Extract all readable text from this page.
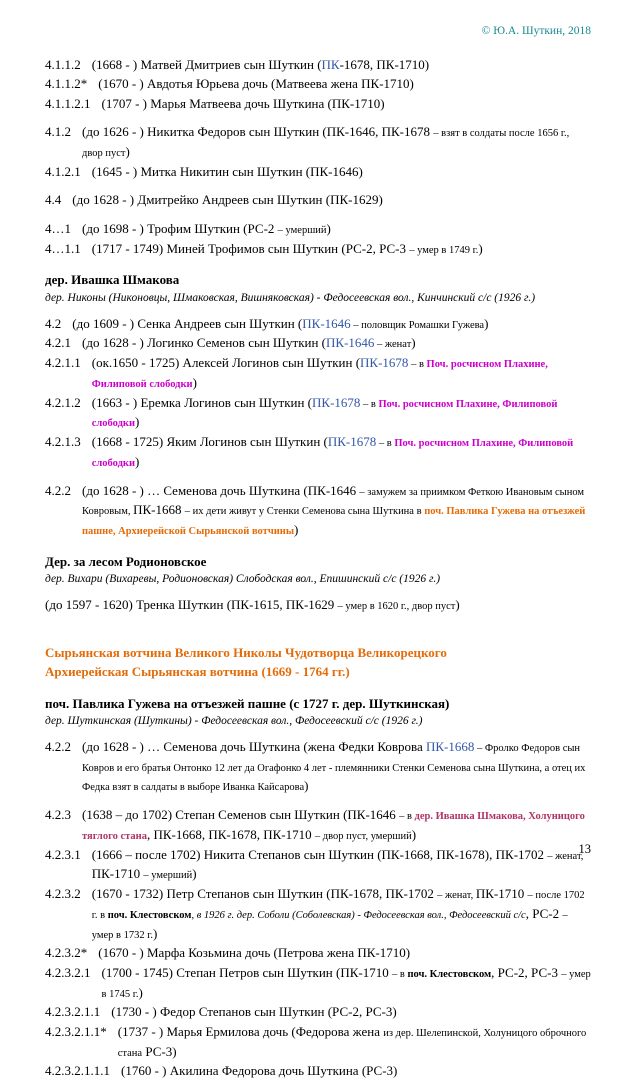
© Ю.А. Шуткин, 2018

4.1.1.2 (1668 - ) Матвей Дмитриев сын Шуткин (ПК-1678, ПК-1710)
4.1.1.2* (1670 - ) Авдотья Юрьева дочь (Матвеева жена ПК-1710)
4.1.1.2.1 (1707 - ) Марья Матвеева дочь Шуткина (ПК-1710)
4.1.2 (до 1626 - ) Никитка Федоров сын Шуткин (ПК-1646, ПК-1678 – взят в солдаты после 1656 г., двор пуст)
4.1.2.1 (1645 - ) Митка Никитин сын Шуткин (ПК-1646)
4.4 (до 1628 - ) Дмитрейко Андреев сын Шуткин (ПК-1629)
4…1 (до 1698 - ) Трофим Шуткин (РС-2 – умерший)
4…1.1 (1717 - 1749) Миней Трофимов сын Шуткин (РС-2, РС-3 – умер в 1749 г.)

дер. Ивашка Шмакова

дер. Никоны (Никоновцы, Шмаковская, Вишняковская) - Федосеевская вол., Кинчинский с/с (1926 г.)

4.2 (до 1609 - ) Сенка Андреев сын Шуткин (ПК-1646 – половщик Ромашки Гужева)
4.2.1 (до 1628 - ) Логинко Семенов сын Шуткин (ПК-1646 – женат)
4.2.1.1 (ок.1650 - 1725) Алексей Логинов сын Шуткин (ПК-1678 – в Поч. росчисном Плахине, Филиповой слободки)
4.2.1.2 (1663 - ) Еремка Логинов сын Шуткин (ПК-1678 – в Поч. росчисном Плахине, Филиповой слободки)
4.2.1.3 (1668 - 1725) Яким Логинов сын Шуткин (ПК-1678 – в Поч. росчисном Плахине, Филиповой слободки)
4.2.2 (до 1628 - ) … Семенова дочь Шуткина (ПК-1646 – замужем за приимком Феткою Ивановым сыном Ковровым, ПК-1668 – их дети живут у Стенки Семенова сына Шуткина в поч. Павлика Гужева на отъезжей пашне, Архиерейской Сырьянской вотчины)

Дер. за лесом Родионовское

дер. Вихари (Вихаревы, Родионовская) Слободская вол., Епишинский с/с (1926 г.)

(до 1597 - 1620) Тренка Шуткин (ПК-1615, ПК-1629 – умер в 1620 г., двор пуст)

Сырьянская вотчина Великого Николы Чудотворца Великорецкого

Архиерейская Сырьянская вотчина (1669 - 1764 гг.)

поч. Павлика Гужева на отъезжей пашне (с 1727 г. дер. Шуткинская)

дер. Шуткинская (Шуткины) - Федосеевская вол., Федосеевский с/с (1926 г.)

4.2.2 (до 1628 - ) … Семенова дочь Шуткина (жена Федки Коврова ПК-1668 – Фролко Федоров сын Ковров и его братья Онтонко 12 лет да Огафонко 4 лет - племянники Стенки Семенова сына Шуткина, а отец их Федка взят в салдаты в выборе Иванка Кайсарова)
4.2.3 (1638 – до 1702) Степан Семенов сын Шуткин (ПК-1646 – в дер. Ивашка Шмакова, Холуницого тяглого стана, ПК-1668, ПК-1678, ПК-1710 – двор пуст, умерший)
4.2.3.1 (1666 – после 1702) Никита Степанов сын Шуткин (ПК-1668, ПК-1678), ПК-1702 – женат, ПК-1710 – умерший)
4.2.3.2 (1670 - 1732) Петр Степанов сын Шуткин (ПК-1678, ПК-1702 – женат, ПК-1710 – после 1702 г. в поч. Клестовском, в 1926 г. дер. Соболи (Соболевская) - Федосеевская вол., Федосеевский с/с, РС-2 – умер в 1732 г.)
4.2.3.2* (1670 - ) Марфа Козьмина дочь (Петрова жена ПК-1710)
4.2.3.2.1 (1700 - 1745) Степан Петров сын Шуткин (ПК-1710 – в поч. Клестовском, РС-2, РС-3 – умер в 1745 г.)
4.2.3.2.1.1 (1730 - ) Федор Степанов сын Шуткин (РС-2, РС-3)
4.2.3.2.1.1* (1737 - ) Марья Ермилова дочь (Федорова жена из дер. Шелепинской, Холуницого оброчного стана РС-3)
4.2.3.2.1.1.1 (1760 - ) Акилина Федорова дочь Шуткина (РС-3)
13
